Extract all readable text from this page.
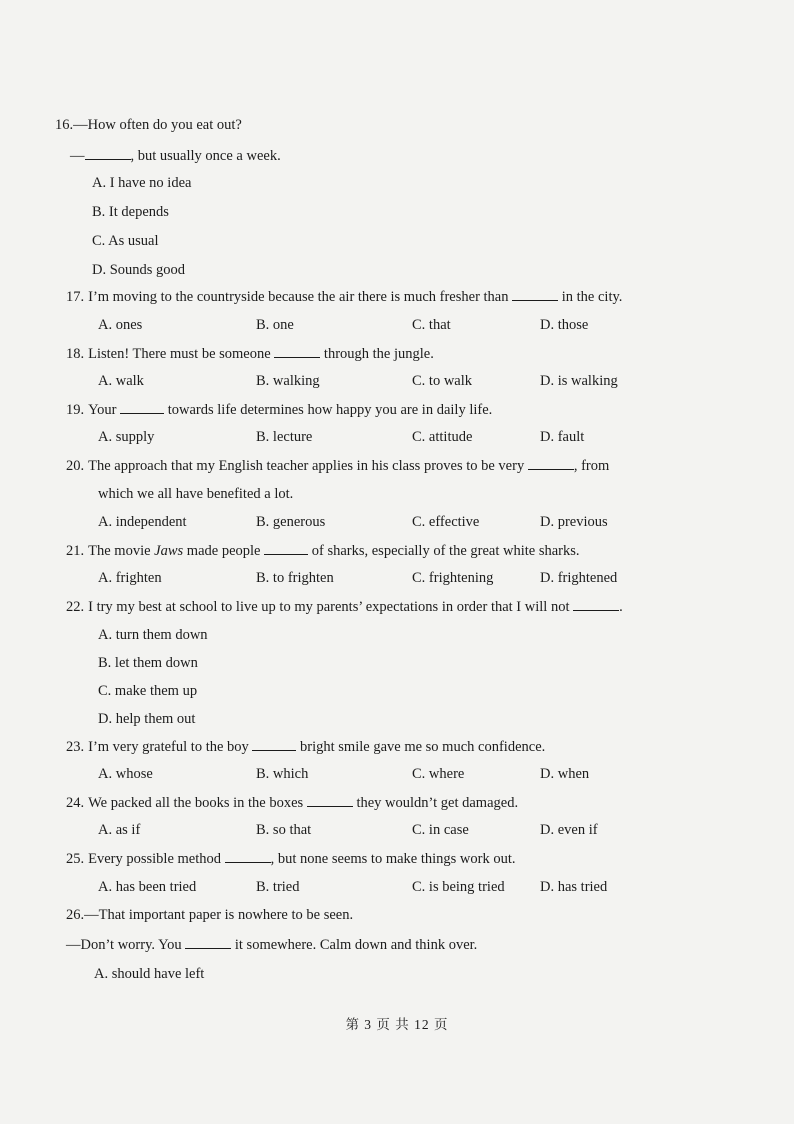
16.—How often do you eat out?
—	, but usually once a week.
A. I have no idea
B. It depends
C. As usual
D. Sounds good
17. I’m moving to the countryside because the air there is much fresher than	in the city.
A. ones	B. one	C. that	D. those
18. Listen! There must be someone	through the jungle.
A. walk	B. walking	C. to walk	D. is walking
19. Your	towards life determines how happy you are in daily life.
A. supply	B. lecture	C. attitude	D. fault
20. The approach that my English teacher applies in his class proves to be very	, from
which we all have benefited a lot.
A. independent	B. generous	C. effective	D. previous
21. The movie Jaws made people	of sharks, especially of the great white sharks.
A. frighten	B. to frighten	C. frightening	D. frightened
22. I try my best at school to live up to my parents’ expectations in order that I will not	.
A. turn them down
B. let them down
C. make them up
D. help them out
23. I’m very grateful to the boy	bright smile gave me so much confidence.
A. whose	B. which	C. where	D. when
24. We packed all the books in the boxes	they wouldn’t get damaged.
A. as if	B. so that	C. in case	D. even if
25. Every possible method	, but none seems to make things work out.
A. has been tried	B. tried	C. is being tried D. has tried
26.—That important paper is nowhere to be seen.
—Don’t worry. You	it somewhere. Calm down and think over.
A. should have left
第 3 页 共 12 页
